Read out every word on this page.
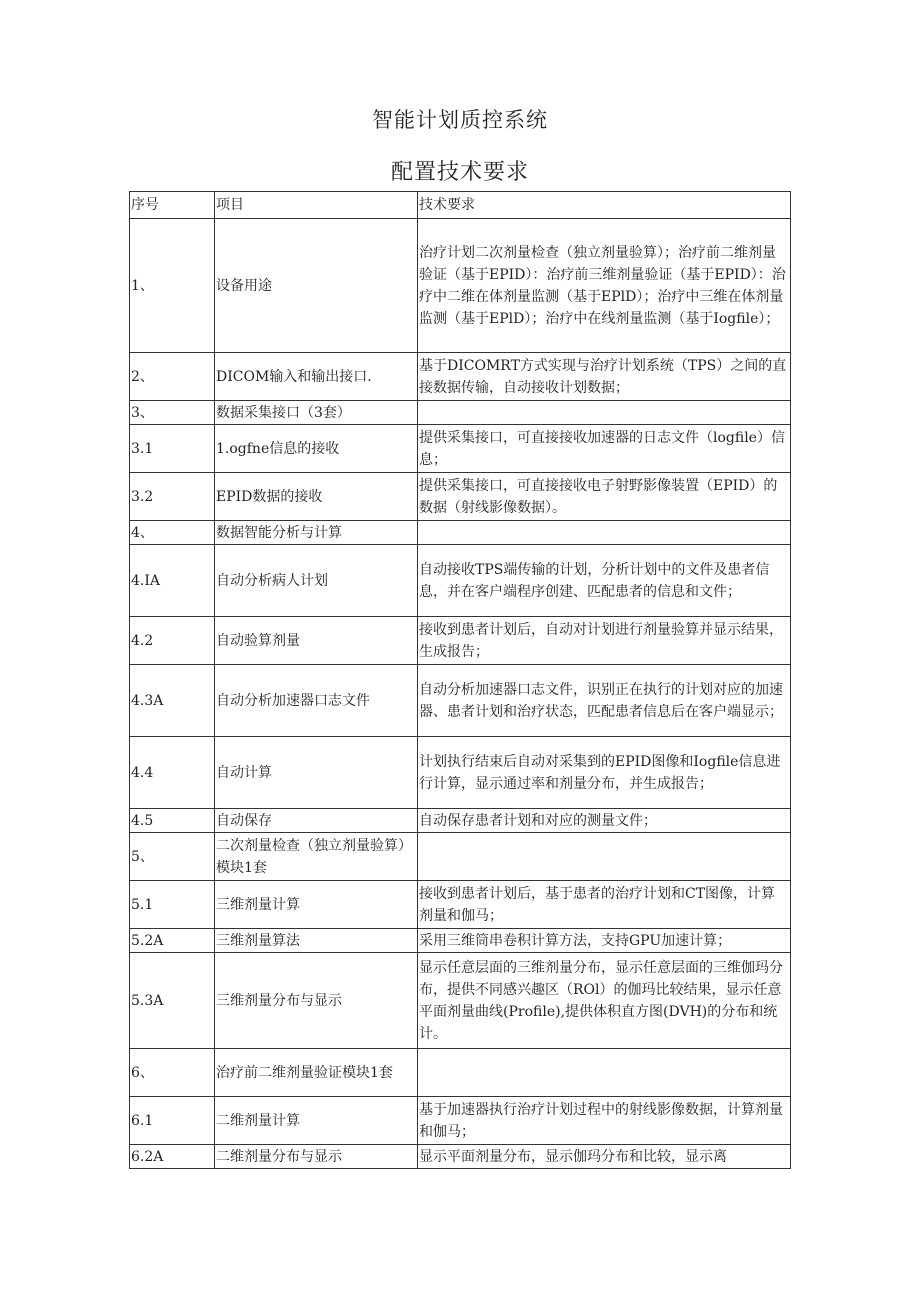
智能计划质控系统
配置技术要求
序号	项目	技术要求
1、	设备用途	治疗计划二次剂量检查（独立剂量验算）；治疗前二维剂量验证（基于EPID）：治疗前三维剂量验证（基于EPID）：治疗中二维在体剂量监测（基于EPlD）；治疗中三维在体剂量监测（基于EPlD）；治疗中在线剂量监测（基于Iogfile）；
2、	DICOM输入和输出接口.	基于DICOMRT方式实现与治疗计划系统（TPS）之间的直接数据传输，自动接收计划数据；
3、	数据采集接口（3套）	
3.1	1.ogfne信息的接收	提供采集接口，可直接接收加速器的日志文件（logfile）信息；
3.2	EPID数据的接收	提供采集接口，可直接接收电子射野影像装置（EPID）的数据（射线影像数据）。
4、	数据智能分析与计算	
4.IA	自动分析病人计划	自动接收TPS端传输的计划，分析计划中的文件及患者信息，并在客户端程序创建、匹配患者的信息和文件；
4.2	自动验算剂量	接收到患者计划后，自动对计划进行剂量验算并显示结果，生成报告；
4.3A	自动分析加速器口志文件	自动分析加速器口志文件，识别正在执行的计划对应的加速器、患者计划和治疗状态，匹配患者信息后在客户端显示；
4.4	自动计算	计划执行结束后自动对采集到的EPID图像和Iogfile信息进行计算，显示通过率和剂量分布，并生成报告；
4.5	自动保存	自动保存患者计划和对应的测量文件；
5、	二次剂量检查（独立剂量验算）模块1套	
5.1	三维剂量计算	接收到患者计划后，基于患者的治疗计划和CT图像，计算剂量和伽马；
5.2A	三维剂量算法	采用三维筒串卷积计算方法，支持GPU加速计算；
5.3A	三维剂量分布与显示	显示任意层面的三维剂量分布，显示任意层面的三维伽玛分布，提供不同感兴趣区（ROl）的伽玛比较结果，显示任意平面剂量曲线(Profile),提供体积直方图(DVH)的分布和统计。
6、	治疗前二维剂量验证模块1套	
6.1	二维剂量计算	基于加速器执行治疗计划过程中的射线影像数据，计算剂量和伽马；
6.2A	二维剂量分布与显示	显示平面剂量分布，显示伽玛分布和比较，显示离
